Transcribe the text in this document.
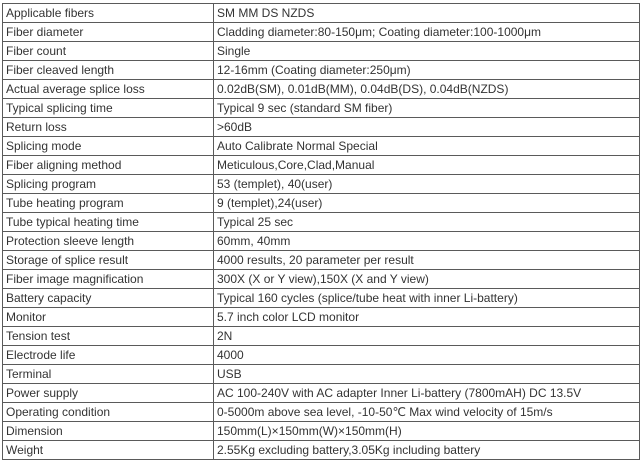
Applicable fibers	SM MM DS NZDS
Fiber diameter	Cladding diameter:80-150μm; Coating diameter:100-1000μm
Fiber count	Single
Fiber cleaved length	12-16mm (Coating diameter:250μm)
Actual average splice loss	0.02dB(SM), 0.01dB(MM), 0.04dB(DS), 0.04dB(NZDS)
Typical splicing time	Typical 9 sec (standard SM fiber)
Return loss	>60dB
Splicing mode	Auto Calibrate Normal Special
Fiber aligning method	Meticulous,Core,Clad,Manual
Splicing program	53 (templet), 40(user)
Tube heating program	9 (templet),24(user)
Tube typical heating time	Typical 25 sec
Protection sleeve length	60mm, 40mm
Storage of splice result	4000 results, 20 parameter per result
Fiber image magnification	300X (X or Y view),150X (X and Y view)
Battery capacity	Typical 160 cycles (splice/tube heat with inner Li-battery)
Monitor	5.7 inch color LCD monitor
Tension test	2N
Electrode life	4000
Terminal	USB
Power supply	AC 100-240V with AC adapter Inner Li-battery (7800mAH) DC 13.5V
Operating condition	0-5000m above sea level, -10-50℃ Max wind velocity of 15m/s
Dimension	150mm(L)×150mm(W)×150mm(H)
Weight	2.55Kg excluding battery,3.05Kg including battery
